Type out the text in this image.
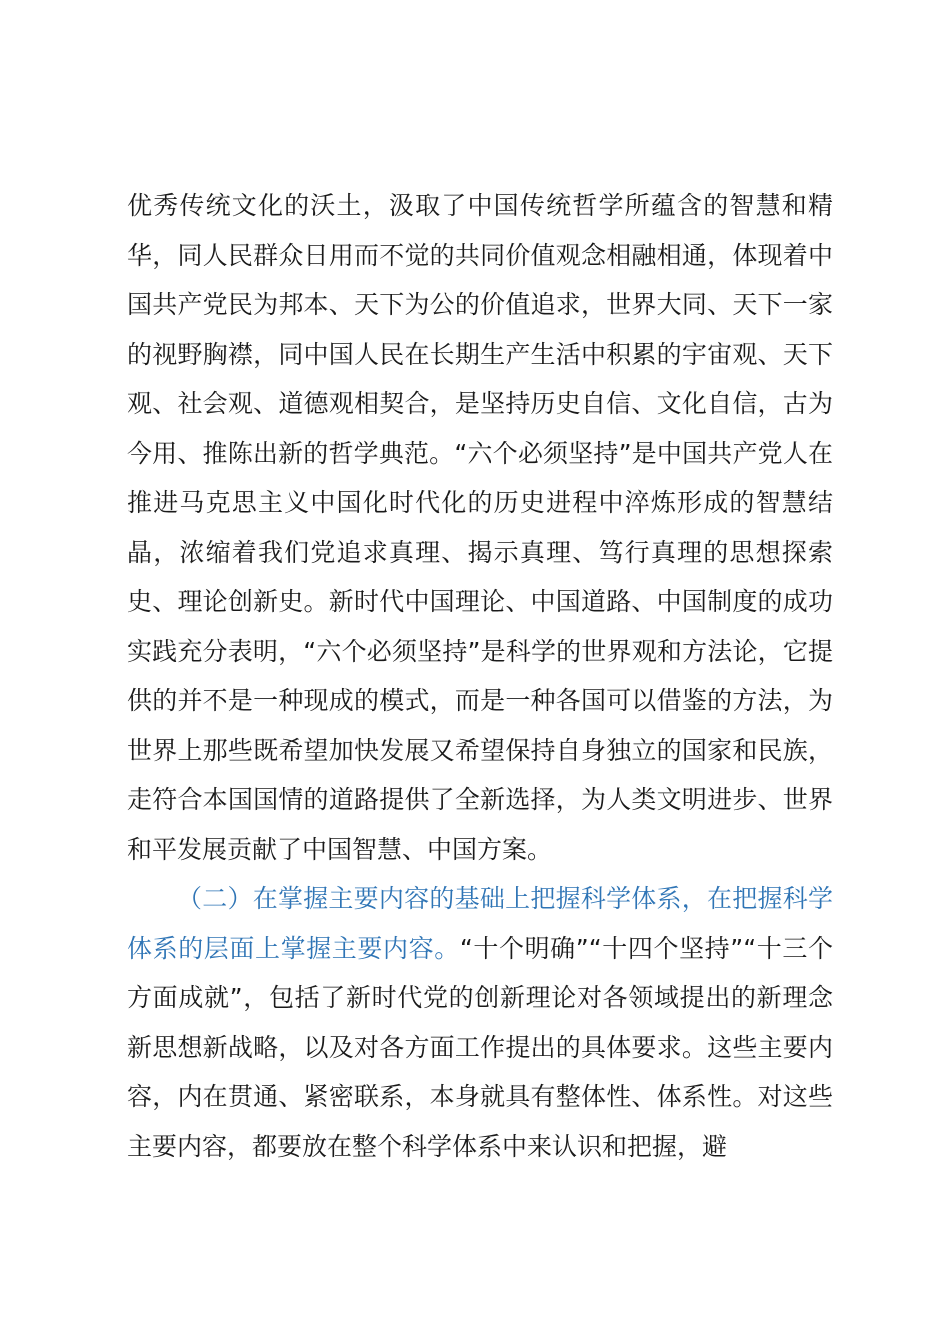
优秀传统文化的沃土，汲取了中国传统哲学所蕴含的智慧和精华，同人民群众日用而不觉的共同价值观念相融相通，体现着中国共产党民为邦本、天下为公的价值追求，世界大同、天下一家的视野胸襟，同中国人民在长期生产生活中积累的宇宙观、天下观、社会观、道德观相契合，是坚持历史自信、文化自信，古为今用、推陈出新的哲学典范。“六个必须坚持”是中国共产党人在推进马克思主义中国化时代化的历史进程中淬炼形成的智慧结晶，浓缩着我们党追求真理、揭示真理、笃行真理的思想探索史、理论创新史。新时代中国理论、中国道路、中国制度的成功实践充分表明，“六个必须坚持”是科学的世界观和方法论，它提供的并不是一种现成的模式，而是一种各国可以借鉴的方法，为世界上那些既希望加快发展又希望保持自身独立的国家和民族，走符合本国国情的道路提供了全新选择，为人类文明进步、世界和平发展贡献了中国智慧、中国方案。

（二）在掌握主要内容的基础上把握科学体系，在把握科学体系的层面上掌握主要内容。“十个明确”“十四个坚持”“十三个方面成就”，包括了新时代党的创新理论对各领域提出的新理念新思想新战略，以及对各方面工作提出的具体要求。这些主要内容，内在贯通、紧密联系，本身就具有整体性、体系性。对这些主要内容，都要放在整个科学体系中来认识和把握，避
